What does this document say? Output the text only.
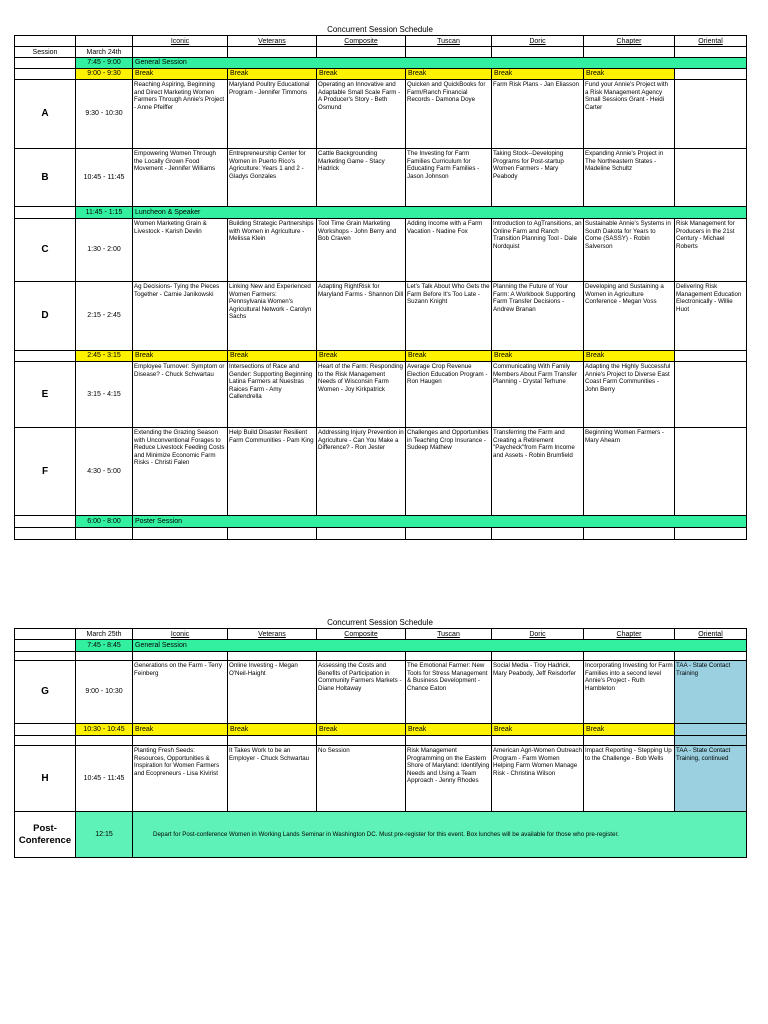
Concurrent Session Schedule
		Iconic	Veterans	Composite	Tuscan	Doric	Chapter	Oriental
Session	March 24th							
	7:45 - 9:00	General Session						
	9:00 - 9:30	Break	Break	Break	Break	Break	Break	
A	9:30 - 10:30	Reaching Aspiring, Beginning and Direct Marketing Women Farmers Through Annie's Project - Anne Pfeiffer	Maryland Poultry Educational Program - Jennifer Timmons	Operating an Innovative and Adaptable Small Scale Farm - A Producer's Story - Beth Osmund	Quicken and QuickBooks for Farm/Ranch Financial Records - Damona Doye	Farm Risk Plans - Jan Eliasson	Fund your Annie's Project with a Risk Management Agency Small Sessions Grant - Heidi Carter	
B	10:45 - 11:45	Empowering Women Through the Locally Grown Food Movement - Jennifer Williams	Entrepreneurship Center for Women in Puerto Rico's Agriculture: Years 1 and 2 - Gladys Gonzales	Cattle Backgrounding Marketing Game - Stacy Hadrick	The Investing for Farm Families Curriculum for Educating Farm Families - Jason Johnson	Taking Stock--Developing Programs for Post-startup Women Farmers - Mary Peabody	Expanding Annie's Project in The Northeastern States - Madeline Schultz	
	11:45 - 1:15	Luncheon & Speaker						
C	1:30 - 2:00	Women Marketing Grain & Livestock - Karish Devlin	Building Strategic Partnerships with Women in Agriculture - Melissa Klein	Tool Time Grain Marketing Workshops - John Berry and Bob Craven	Adding Income with a Farm Vacation - Nadine Fox	Introduction to AgTransitions, an Online Farm and Ranch Transition Planning Tool - Dale Nordquist	Sustainable Annie's Systems in South Dakota for Years to Come (SASSY) - Robin Salverson	Risk Management for Producers in the 21st Century - Michael Roberts
D	2:15 - 2:45	Ag Decisions- Tying the Pieces Together - Carnie Janikowski	Linking New and Experienced Women Farmers: Pennsylvania Women's Agricultural Network - Carolyn Sachs	Adapting RightRisk for Maryland Farms - Shannon Dill	Let's Talk About Who Gets the Farm Before It's Too Late - Suzann Knight	Planning the Future of Your Farm: A Workbook Supporting Farm Transfer Decisions - Andrew Branan	Developing and Sustaining a Women in Agriculture Conference - Megan Voss	Delivering Risk Management Education Electronically - Willie Huot
	2:45 - 3:15	Break	Break	Break	Break	Break	Break	
E	3:15 - 4:15	Employee Turnover: Symptom or Disease? - Chuck Schwartau	Intersections of Race and Gender: Supporting Beginning Latina Farmers at Nuestras Raices Farm - Amy Callendrella	Heart of the Farm: Responding to the Risk Management Needs of Wisconsin Farm Women - Joy Kirkpatrick	Average Crop Revenue Election Education Program - Ron Haugen	Communicating With Family Members About Farm Transfer Planning - Crystal Terhune	Adapting the Highly Successful Annie's Project to Diverse East Coast Farm Communities - John Berry	
F	4:30 - 5:00	Extending the Grazing Season with Unconventional Forages to Reduce Livestock Feeding Costs and Minimize Economic Farm Risks - Christi Falen	Help Build Disaster Resilient Farm Communities - Pam King	Addressing Injury Prevention in Agriculture - Can You Make a Difference? - Ron Jester	Challenges and Opportunities in Teaching Crop Insurance - Sudeep Mathew	Transferring the Farm and Creating a Retirement "Paycheck"from Farm Income and Assets - Robin Brumfield	Beginning Women Farmers - Mary Ahearn	
	6:00 - 8:00	Poster Session						

Concurrent Session Schedule
	March 25th	Iconic	Veterans	Composite	Tuscan	Doric	Chapter	Oriental
	7:45 - 8:45	General Session						

G	9:00 - 10:30	Generations on the Farm - Terry Feinberg	Online Investing - Megan O'Neil-Haight	Assessing the Costs and Benefits of Participation in Community Farmers Markets - Diane Holtaway	The Emotional Farmer: New Tools for Stress Management & Business Development - Chance Eaton	Social Media - Troy Hadrick, Mary Peabody, Jeff Reisdorfer	Incorporating Investing for Farm Families into a second level Annie's Project - Ruth Hambleton	TAA - State Contact Training
	10:30 - 10:45	Break	Break	Break	Break	Break	Break	

H	10:45 - 11:45	Planting Fresh Seeds: Resources, Opportunities & Inspiration for Women Farmers and Ecopreneurs - Lisa Kivirist	It Takes Work to be an Employer - Chuck Schwartau	No Session	Risk Management Programming on the Eastern Shore of Maryland: Identifying Needs and Using a Team Approach - Jenny Rhodes	American Agri-Women Outreach Program - Farm Women Helping Farm Women Manage Risk - Christina Wilson	Impact Reporting - Stepping Up to the Challenge - Bob Wells	TAA - State Contact Training, continued
Post-Conference	12:15	Depart for Post-conference Women in Working Lands Seminar in Washington DC. Must pre-register for this event. Box lunches will be available for those who pre-register.						
